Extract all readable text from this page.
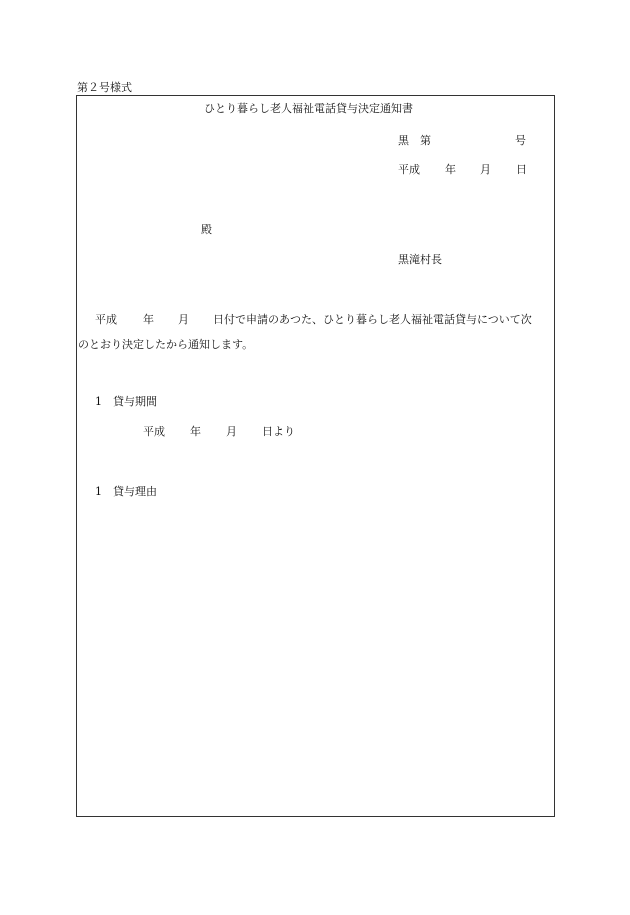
第２号様式
ひとり暮らし老人福祉電話貸与決定通知書
黒 第	号
平成 年 月 日
殿
黒滝村長
平成 年 月 日付で申請のあつた、ひとり暮らし老人福祉電話貸与について次
のとおり決定したから通知します。
1 貸与期間
平成 年 月 日より
1 貸与理由
